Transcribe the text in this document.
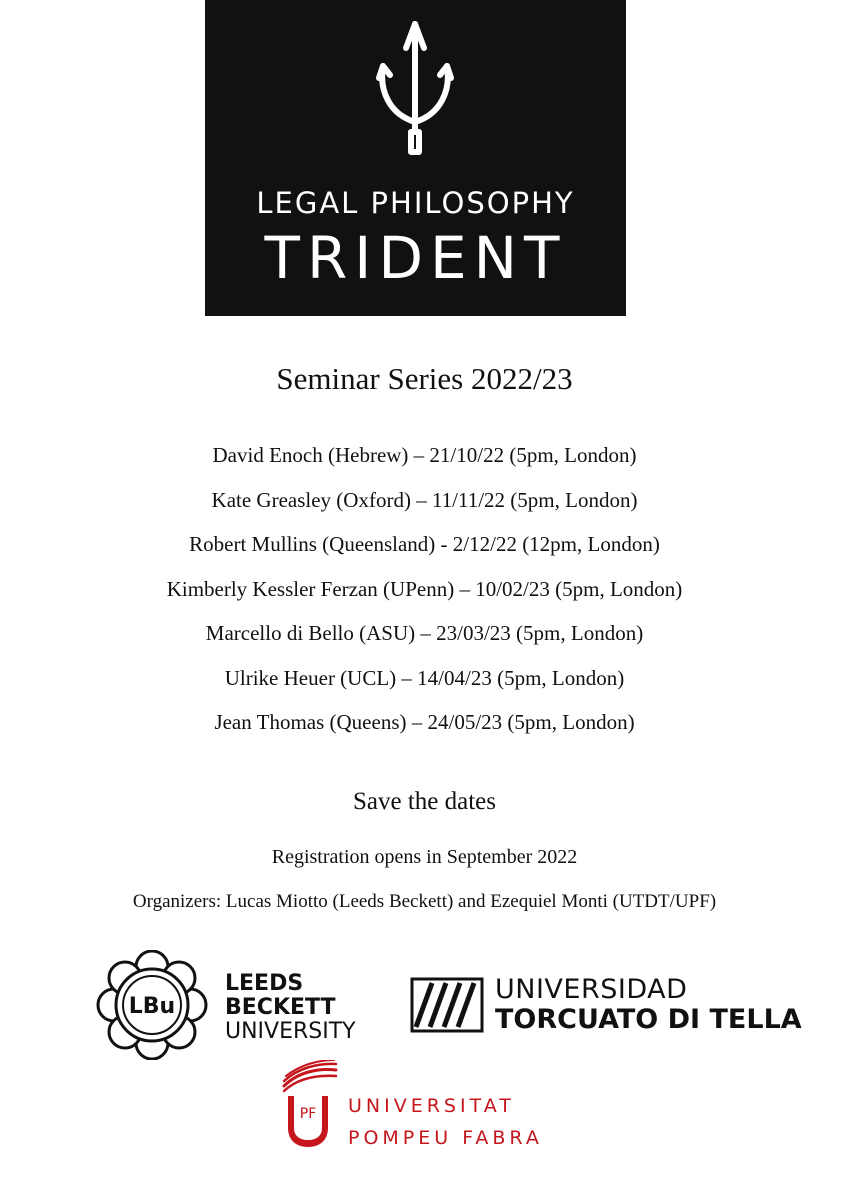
LEGAL PHILOSOPHY
TRIDENT
Seminar Series 2022/23
David Enoch (Hebrew) – 21/10/22 (5pm, London)
Kate Greasley (Oxford) – 11/11/22 (5pm, London)
Robert Mullins (Queensland) - 2/12/22 (12pm, London)
Kimberly Kessler Ferzan (UPenn) – 10/02/23 (5pm, London)
Marcello di Bello (ASU) – 23/03/23 (5pm, London)
Ulrike Heuer (UCL) – 14/04/23 (5pm, London)
Jean Thomas (Queens) – 24/05/23 (5pm, London)
Save the dates
Registration opens in September 2022
Organizers: Lucas Miotto (Leeds Beckett) and Ezequiel Monti (UTDT/UPF)
LBu
LEEDS
BECKETT
UNIVERSITY
UNIVERSIDAD
TORCUATO DI TELLA
PF UNIVERSITAT
POMPEU FABRA
